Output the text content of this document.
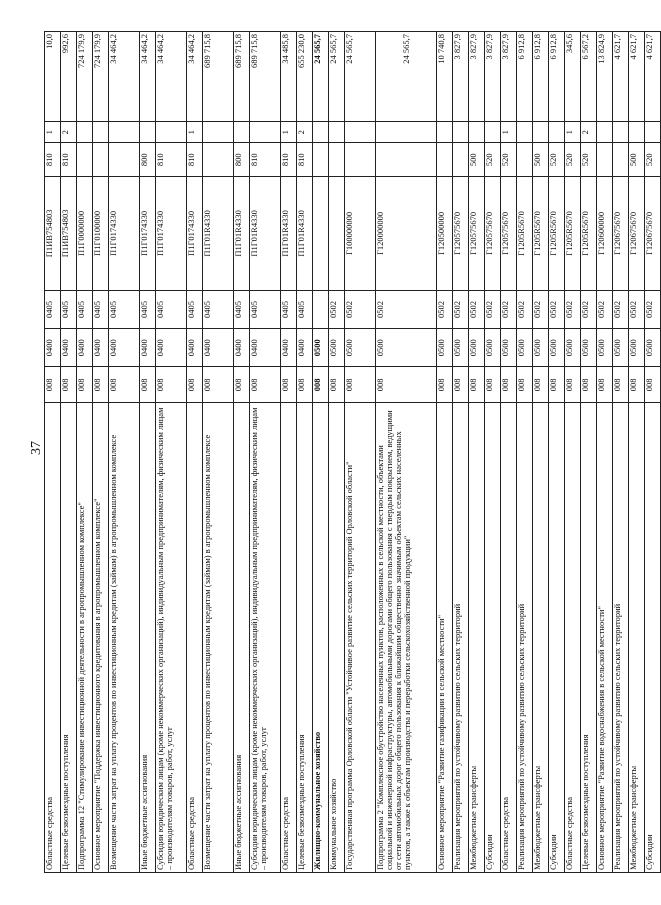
37
Областные средства	008	0400	0405	П1ИВ754803	810	1	10,0
Целевые безвозмездные поступления	008	0400	0405	П1ИВ754803	810	2	992,6
Подпрограмма 12 "Стимулирование инвестиционной деятельности в агропромышленном комплексе"	008	0400	0405	П1Г0000000			724 179,9
Основное мероприятие "Поддержка инвестиционного кредитования в агропромышленном комплексе"	008	0400	0405	П1Г0100000			724 179,9
Возмещение части затрат на уплату процентов по инвестиционным кредитам (займам) в агропромышленном комплексе	008	0400	0405	П1Г0174330			34 464,2
Иные бюджетные ассигнования	008	0400	0405	П1Г0174330	800		34 464,2
Субсидии юридическим лицам (кроме некоммерческих организаций), индивидуальным предпринимателям, физическим лицам – производителям товаров, работ, услуг	008	0400	0405	П1Г0174330	810		34 464,2
Областные средства	008	0400	0405	П1Г0174330	810	1	34 464,2
Возмещение части затрат на уплату процентов по инвестиционным кредитам (займам) в агропромышленном комплексе	008	0400	0405	П1Г01R4330			689 715,8
Иные бюджетные ассигнования	008	0400	0405	П1Г01R4330	800		689 715,8
Субсидии юридическим лицам (кроме некоммерческих организаций), индивидуальным предпринимателям, физическим лицам – производителям товаров, работ, услуг	008	0400	0405	П1Г01R4330	810		689 715,8
Областные средства	008	0400	0405	П1Г01R4330	810	1	34 485,8
Целевые безвозмездные поступления	008	0400	0405	П1Г01R4330	810	2	655 230,0
Жилищно-коммунальное хозяйство	008	0500					24 565,7
Коммунальное хозяйство	008	0500	0502				24 565,7
Государственная программа Орловской области "Устойчивое развитие сельских территорий Орловской области"	008	0500	0502	Г100000000			24 565,7
Подпрограмма 2 "Комплексное обустройство населенных пунктов, расположенных в сельской местности, объектами социальной и инженерной инфраструктуры, автомобильными дорогами общего пользования с твердым покрытием, ведущими от сети автомобильных дорог общего пользования к ближайшим общественно значимым объектам сельских населенных пунктов, а также к объектам производства и переработки сельскохозяйственной продукции"	008	0500	0502	Г120000000			24 565,7
Основное мероприятие "Развитие газификации в сельской местности"	008	0500	0502	Г120500000			10 740,8
Реализация мероприятий по устойчивому развитию сельских территорий	008	0500	0502	Г120575670			3 827,9
Межбюджетные трансферты	008	0500	0502	Г120575670	500		3 827,9
Субсидии	008	0500	0502	Г120575670	520		3 827,9
Областные средства	008	0500	0502	Г120575670	520	1	3 827,9
Реализация мероприятий по устойчивому развитию сельских территорий	008	0500	0502	Г1205R5670			6 912,8
Межбюджетные трансферты	008	0500	0502	Г1205R5670	500		6 912,8
Субсидии	008	0500	0502	Г1205R5670	520		6 912,8
Областные средства	008	0500	0502	Г1205R5670	520	1	345,6
Целевые безвозмездные поступления	008	0500	0502	Г1205R5670	520	2	6 567,2
Основное мероприятие "Развитие водоснабжения в сельской местности"	008	0500	0502	Г120600000			13 824,9
Реализация мероприятий по устойчивому развитию сельских территорий	008	0500	0502	Г120675670			4 621,7
Межбюджетные трансферты	008	0500	0502	Г120675670	500		4 621,7
Субсидии	008	0500	0502	Г120675670	520		4 621,7
